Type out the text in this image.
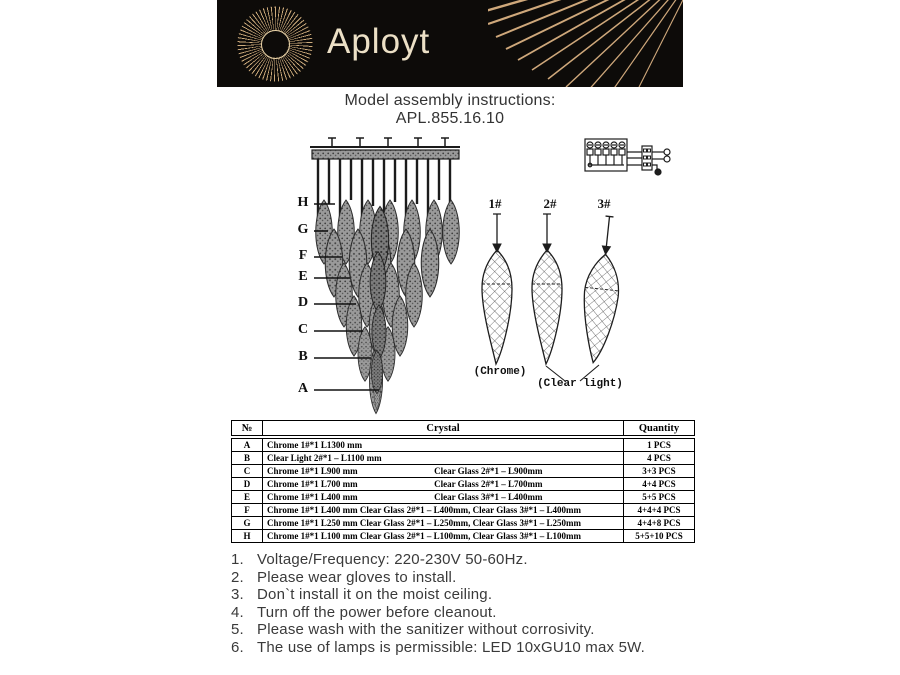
Aployt
Model assembly instructions:
APL.855.16.10
H
G
F
E
D
C
B
A
1#	2#	3#
(Chrome)
(Clear light)
№	Crystal	Quantity
A	Chrome 1#*1 L1300 mm	1 PCS
B	Clear Light 2#*1 – L1100 mm	4 PCS
C	Chrome 1#*1 L900 mm Clear Glass 2#*1 – L900mm	3+3 PCS
D	Chrome 1#*1 L700 mm Clear Glass 2#*1 – L700mm	4+4 PCS
E	Chrome 1#*1 L400 mm Clear Glass 3#*1 – L400mm	5+5 PCS
F	Chrome 1#*1 L400 mm Clear Glass 2#*1 – L400mm, Clear Glass 3#*1 – L400mm	4+4+4 PCS
G	Chrome 1#*1 L250 mm Clear Glass 2#*1 – L250mm, Clear Glass 3#*1 – L250mm	4+4+8 PCS
H	Chrome 1#*1 L100 mm Clear Glass 2#*1 – L100mm, Clear Glass 3#*1 – L100mm	5+5+10 PCS
1. Voltage/Frequency: 220-230V 50-60Hz.
2. Please wear gloves to install.
3. Don`t install it on the moist ceiling.
4. Turn off the power before cleanout.
5. Please wash with the sanitizer without corrosivity.
6. The use of lamps is permissible: LED 10xGU10 max 5W.
